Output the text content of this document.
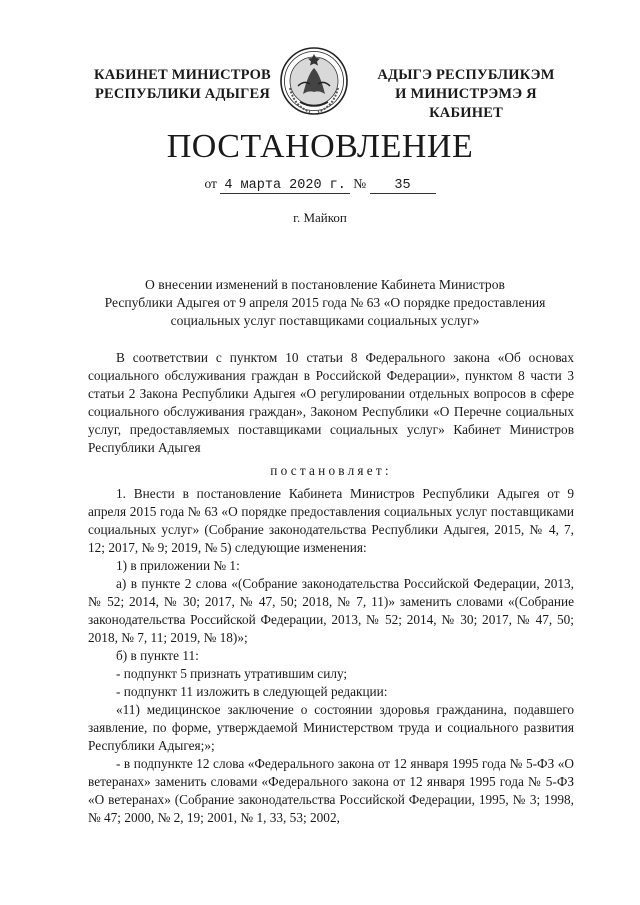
КАБИНЕТ МИНИСТРОВ
РЕСПУБЛИКИ АДЫГЕЯ
АДЫГЭ РЕСПУБЛИКЭМ
И МИНИСТРЭМЭ Я КАБИНЕТ
ПОСТАНОВЛЕНИЕ
от 4 марта 2020 г. № 35
г. Майкоп
О внесении изменений в постановление Кабинета Министров
Республики Адыгея от 9 апреля 2015 года № 63 «О порядке предоставления
социальных услуг поставщиками социальных услуг»

В соответствии с пунктом 10 статьи 8 Федерального закона «Об основах социального обслуживания граждан в Российской Федерации», пунктом 8 части 3 статьи 2 Закона Республики Адыгея «О регулировании отдельных вопросов в сфере социального обслуживания граждан», Законом Республики «О Перечне социальных услуг, предоставляемых поставщиками социальных услуг» Кабинет Министров Республики Адыгея

постановляет:

1. Внести в постановление Кабинета Министров Республики Адыгея от 9 апреля 2015 года № 63 «О порядке предоставления социальных услуг поставщиками социальных услуг» (Собрание законодательства Республики Адыгея, 2015, № 4, 7, 12; 2017, № 9; 2019, № 5) следующие изменения:

1) в приложении № 1:

а) в пункте 2 слова «(Собрание законодательства Российской Федерации, 2013, № 52; 2014, № 30; 2017, № 47, 50; 2018, № 7, 11)» заменить словами «(Собрание законодательства Российской Федерации, 2013, № 52; 2014, № 30; 2017, № 47, 50; 2018, № 7, 11; 2019, № 18)»;

б) в пункте 11:

- подпункт 5 признать утратившим силу;

- подпункт 11 изложить в следующей редакции:

«11) медицинское заключение о состоянии здоровья гражданина, подавшего заявление, по форме, утверждаемой Министерством труда и социального развития Республики Адыгея;»;

- в подпункте 12 слова «Федерального закона от 12 января 1995 года № 5-ФЗ «О ветеранах» заменить словами «Федерального закона от 12 января 1995 года № 5-ФЗ «О ветеранах» (Собрание законодательства Российской Федерации, 1995, № 3; 1998, № 47; 2000, № 2, 19; 2001, № 1, 33, 53; 2002,
